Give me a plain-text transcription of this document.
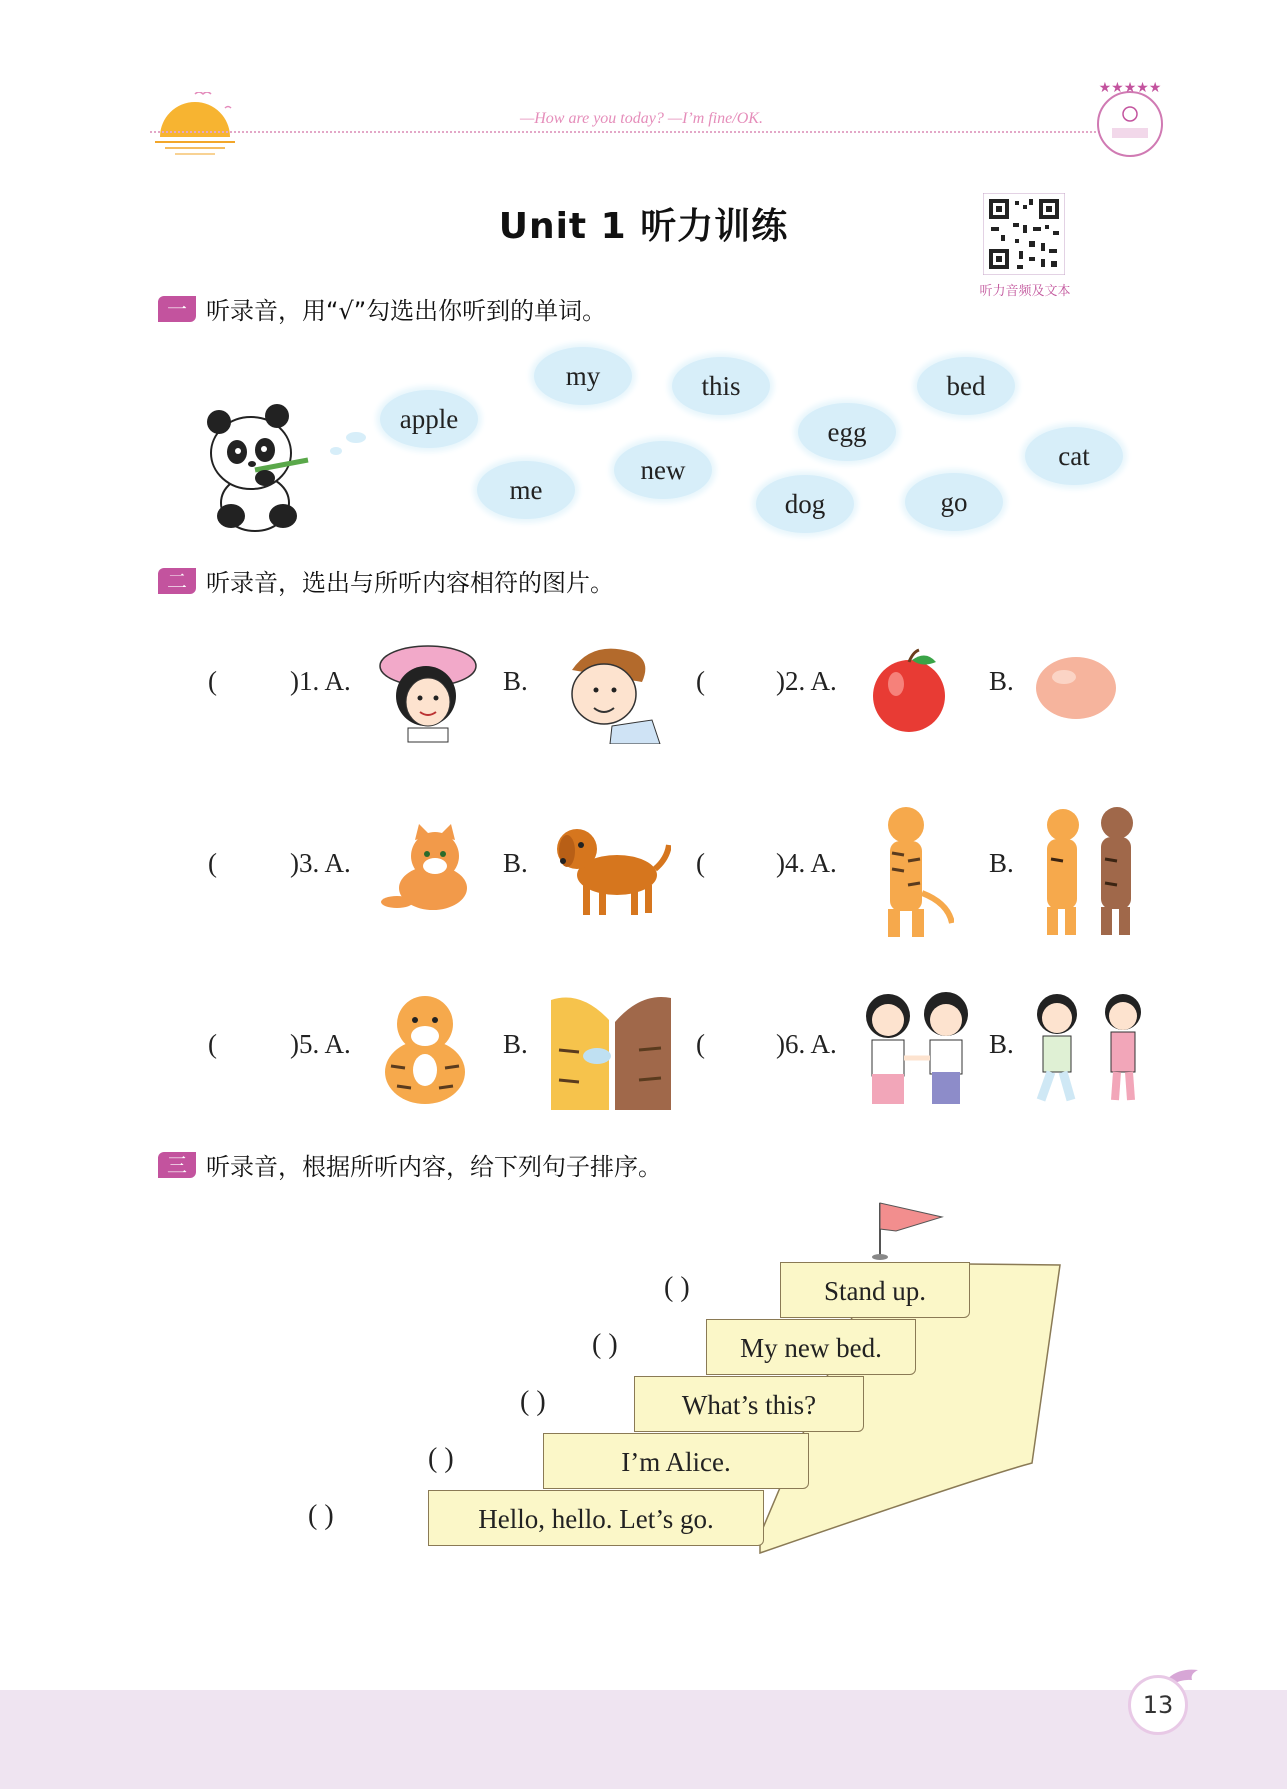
—How are you today? —I’m fine/OK.
★★★★★
Unit 1 听力训练
听力音频及文本
一 听录音，用“√”勾选出你听到的单词。
apple
my	this	bed
egg
cat
me
new
dog	go
二 听录音，选出与所听内容相符的图片。
(	)1. A.	B.	(	)2. A.	B.
(	)3. A.	B.	(	)4. A.	B.
(	)5. A.	B.	(	)6. A.	B.
三 听录音，根据所听内容，给下列句子排序。
Stand up.
My new bed.
What’s this?
I’m Alice.
Hello, hello. Let’s go.
( )
( )
( )
( )
( )
13
